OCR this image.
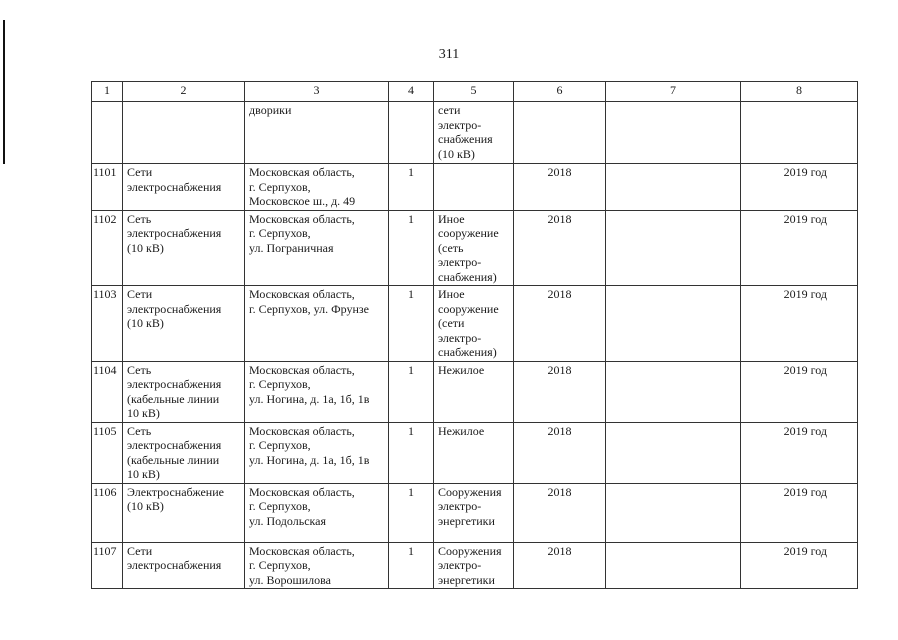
311
1	2	3	4	5	6	7	8
		дворики		сети
электро-
снабжения
(10 кВ)			
1101	Сети
электроснабжения	Московская область,
г. Серпухов,
Московское ш., д. 49	1		2018		2019 год
1102	Сеть
электроснабжения
(10 кВ)	Московская область,
г. Серпухов,
ул. Пограничная	1	Иное
сооружение
(сеть
электро-
снабжения)	2018		2019 год
1103	Сети
электроснабжения
(10 кВ)	Московская область,
г. Серпухов, ул. Фрунзе	1	Иное
сооружение
(сети
электро-
снабжения)	2018		2019 год
1104	Сеть
электроснабжения
(кабельные линии
10 кВ)	Московская область,
г. Серпухов,
ул. Ногина, д. 1а, 1б, 1в	1	Нежилое	2018		2019 год
1105	Сеть
электроснабжения
(кабельные линии
10 кВ)	Московская область,
г. Серпухов,
ул. Ногина, д. 1а, 1б, 1в	1	Нежилое	2018		2019 год
1106	Электроснабжение
(10 кВ)	Московская область,
г. Серпухов,
ул. Подольская	1	Сооружения
электро-
энергетики	2018		2019 год
1107	Сети
электроснабжения	Московская область,
г. Серпухов,
ул. Ворошилова	1	Сооружения
электро-
энергетики	2018		2019 год
